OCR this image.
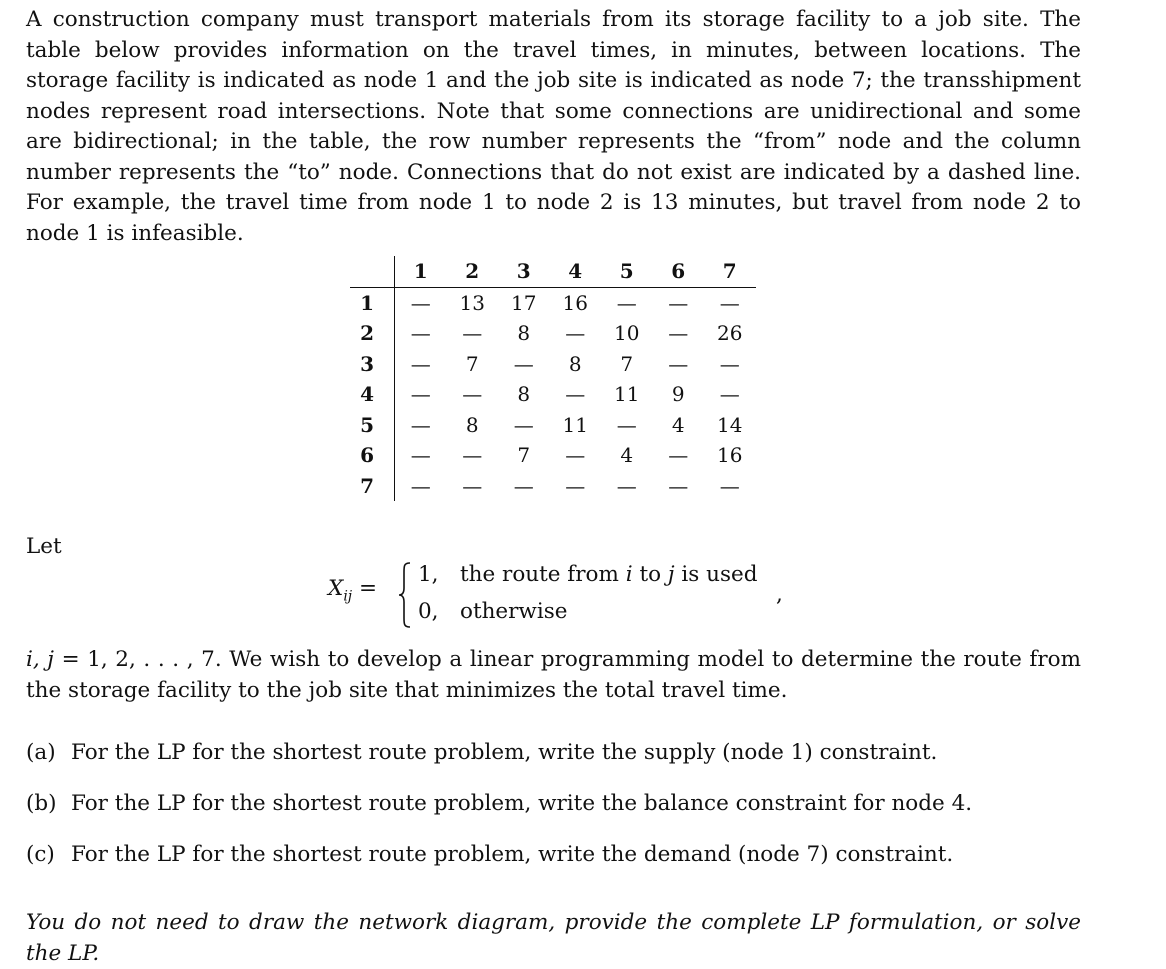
A construction company must transport materials from its storage facility to a job site. The table below provides information on the travel times, in minutes, between locations. The storage facility is indicated as node 1 and the job site is indicated as node 7; the transshipment nodes represent road intersections. Note that some connections are unidirectional and some are bidirectional; in the table, the row number represents the “from” node and the column number represents the “to” node. Connections that do not exist are indicated by a dashed line. For example, the travel time from node 1 to node 2 is 13 minutes, but travel from node 2 to node 1 is infeasible.

	1	2	3	4	5	6	7
1	—	13	17	16	—	—	—
2	—	—	8	—	10	—	26
3	—	7	—	8	7	—	—
4	—	—	8	—	11	9	—
5	—	8	—	11	—	4	14
6	—	—	7	—	4	—	16
7	—	—	—	—	—	—	—
Let
$X_{ij}$ =
1, the route from i to j is used
0, otherwise
,

i, j = 1, 2, . . . , 7. We wish to develop a linear programming model to determine the route from the storage facility to the job site that minimizes the total travel time.

(a) For the LP for the shortest route problem, write the supply (node 1) constraint.

(b) For the LP for the shortest route problem, write the balance constraint for node 4.

(c) For the LP for the shortest route problem, write the demand (node 7) constraint.

You do not need to draw the network diagram, provide the complete LP formulation, or solve the LP.
